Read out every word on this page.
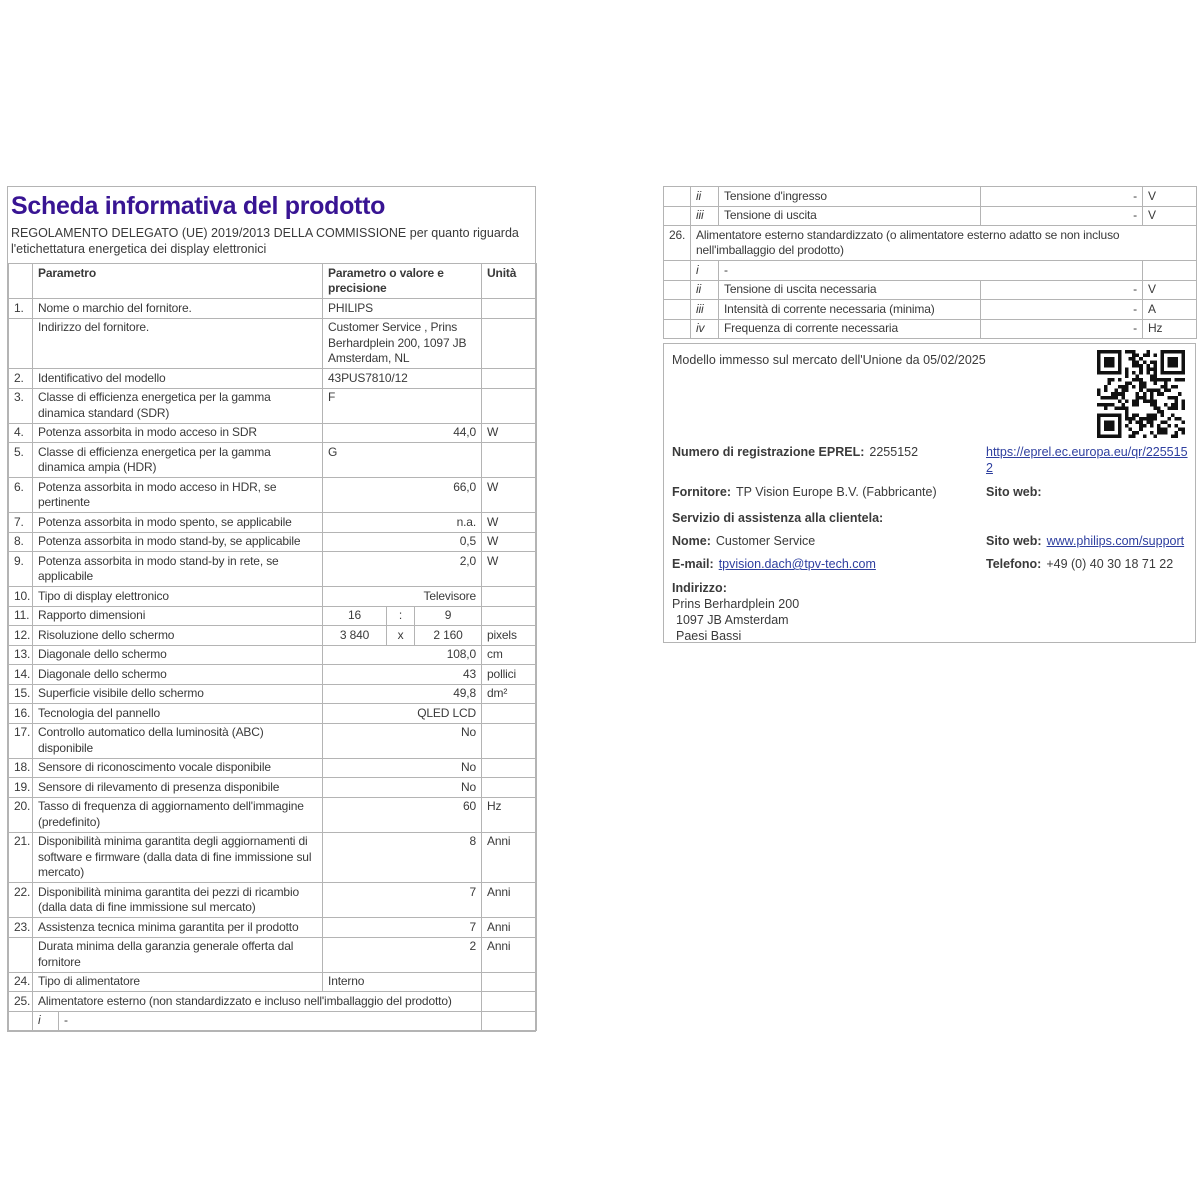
Scheda informativa del prodotto
REGOLAMENTO DELEGATO (UE) 2019/2013 DELLA COMMISSIONE per quanto riguarda l'etichettatura energetica dei display elettronici
	Parametro		Parametro o valore e precisione			Unità
1.	Nome o marchio del fornitore.		PHILIPS			
	Indirizzo del fornitore.		Customer Service , Prins Berhardplein 200, 1097 JB Amsterdam, NL			
2.	Identificativo del modello		43PUS7810/12			
3.	Classe di efficienza energetica per la gamma dinamica standard (SDR)		F			
4.	Potenza assorbita in modo acceso in SDR		44,0			W
5.	Classe di efficienza energetica per la gamma dinamica ampia (HDR)		G			
6.	Potenza assorbita in modo acceso in HDR, se pertinente		66,0			W
7.	Potenza assorbita in modo spento, se applicabile		n.a.			W
8.	Potenza assorbita in modo stand-by, se applicabile		0,5			W
9.	Potenza assorbita in modo stand-by in rete, se applicabile		2,0			W
10.	Tipo di display elettronico		Televisore			
11.	Rapporto dimensioni		16	:	9	
12.	Risoluzione dello schermo		3 840	x	2 160	pixels
13.	Diagonale dello schermo		108,0			cm
14.	Diagonale dello schermo		43			pollici
15.	Superficie visibile dello schermo		49,8			dm²
16.	Tecnologia del pannello		QLED LCD			
17.	Controllo automatico della luminosità (ABC) disponibile		No			
18.	Sensore di riconoscimento vocale disponibile		No			
19.	Sensore di rilevamento di presenza disponibile		No			
20.	Tasso di frequenza di aggiornamento dell'immagine (predefinito)		60			Hz
21.	Disponibilità minima garantita degli aggiornamenti di software e firmware (dalla data di fine immissione sul mercato)		8			Anni
22.	Disponibilità minima garantita dei pezzi di ricambio (dalla data di fine immissione sul mercato)		7			Anni
23.	Assistenza tecnica minima garantita per il prodotto		7			Anni
	Durata minima della garanzia generale offerta dal fornitore		2			Anni
24.	Tipo di alimentatore		Interno			
25.	Alimentatore esterno (non standardizzato e incluso nell'imballaggio del prodotto)					
	i	-				
	ii	Tensione d'ingresso	-	V
	iii	Tensione di uscita	-	V
26.	Alimentatore esterno standardizzato (o alimentatore esterno adatto se non incluso nell'imballaggio del prodotto)			
	i	-		
	ii	Tensione di uscita necessaria	-	V
	iii	Intensità di corrente necessaria (minima)	-	A
	iv	Frequenza di corrente necessaria	-	Hz
Modello immesso sul mercato dell'Unione da 05/02/2025
Numero di registrazione EPREL: 2255152	https://eprel.ec.europa.eu/qr/2255152
Fornitore: TP Vision Europe B.V. (Fabbricante)	Sito web:
Servizio di assistenza alla clientela:
Nome: Customer Service	Sito web: www.philips.com/support
E-mail: tpvision.dach@tpv-tech.com	Telefono: +49 (0) 40 30 18 71 22
Indirizzo:
Prins Berhardplein 200
1097 JB Amsterdam
Paesi Bassi
